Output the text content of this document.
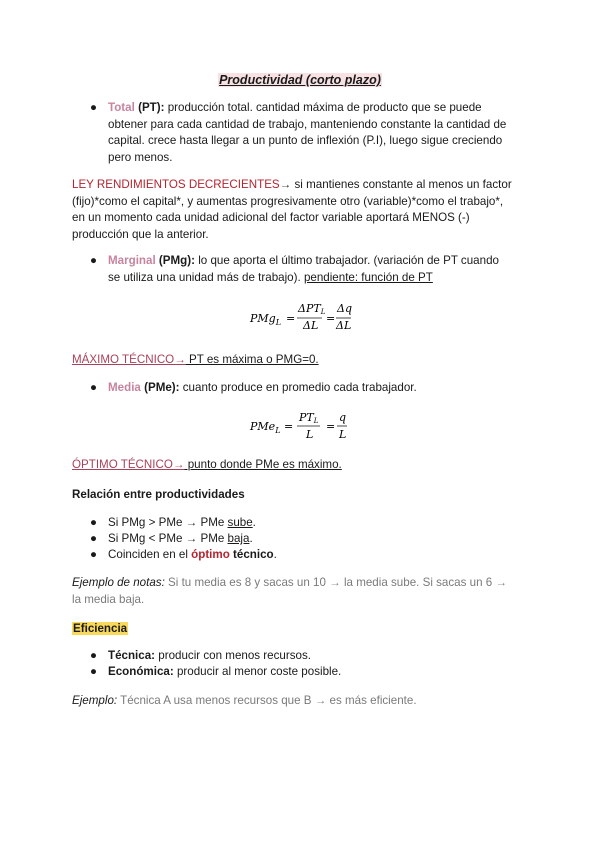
Productividad (corto plazo)
● Total (PT): producción total. cantidad máxima de producto que se puede
obtener para cada cantidad de trabajo, manteniendo constante la cantidad de
capital. crece hasta llegar a un punto de inflexión (P.I), luego sigue creciendo
pero menos.
LEY RENDIMIENTOS DECRECIENTES→ si mantienes constante al menos un factor
(fijo)*como el capital*, y aumentas progresivamente otro (variable)*como el trabajo*,
en un momento cada unidad adicional del factor variable aportará MENOS (-)
producción que la anterior.
● Marginal (PMg): lo que aporta el último trabajador. (variación de PT cuando
se utiliza una unidad más de trabajo). pendiente: función de PT
PMg$_L$ =
ΔPTL
ΔL
=
Δq
ΔL
MÁXIMO TÉCNICO→ PT es máxima o PMG=0.
● Media (PMe): cuanto produce en promedio cada trabajador.
PMe$_L$ =
PTL
L
=
q
L
ÓPTIMO TÉCNICO→ punto donde PMe es máximo.
Relación entre productividades
● Si PMg > PMe → PMe sube.
● Si PMg < PMe → PMe baja.
● Coinciden en el óptimo técnico.
Ejemplo de notas: Si tu media es 8 y sacas un 10 → la media sube. Si sacas un 6 →
la media baja.
Eficiencia
● Técnica: producir con menos recursos.
● Económica: producir al menor coste posible.
Ejemplo: Técnica A usa menos recursos que B → es más eficiente.
